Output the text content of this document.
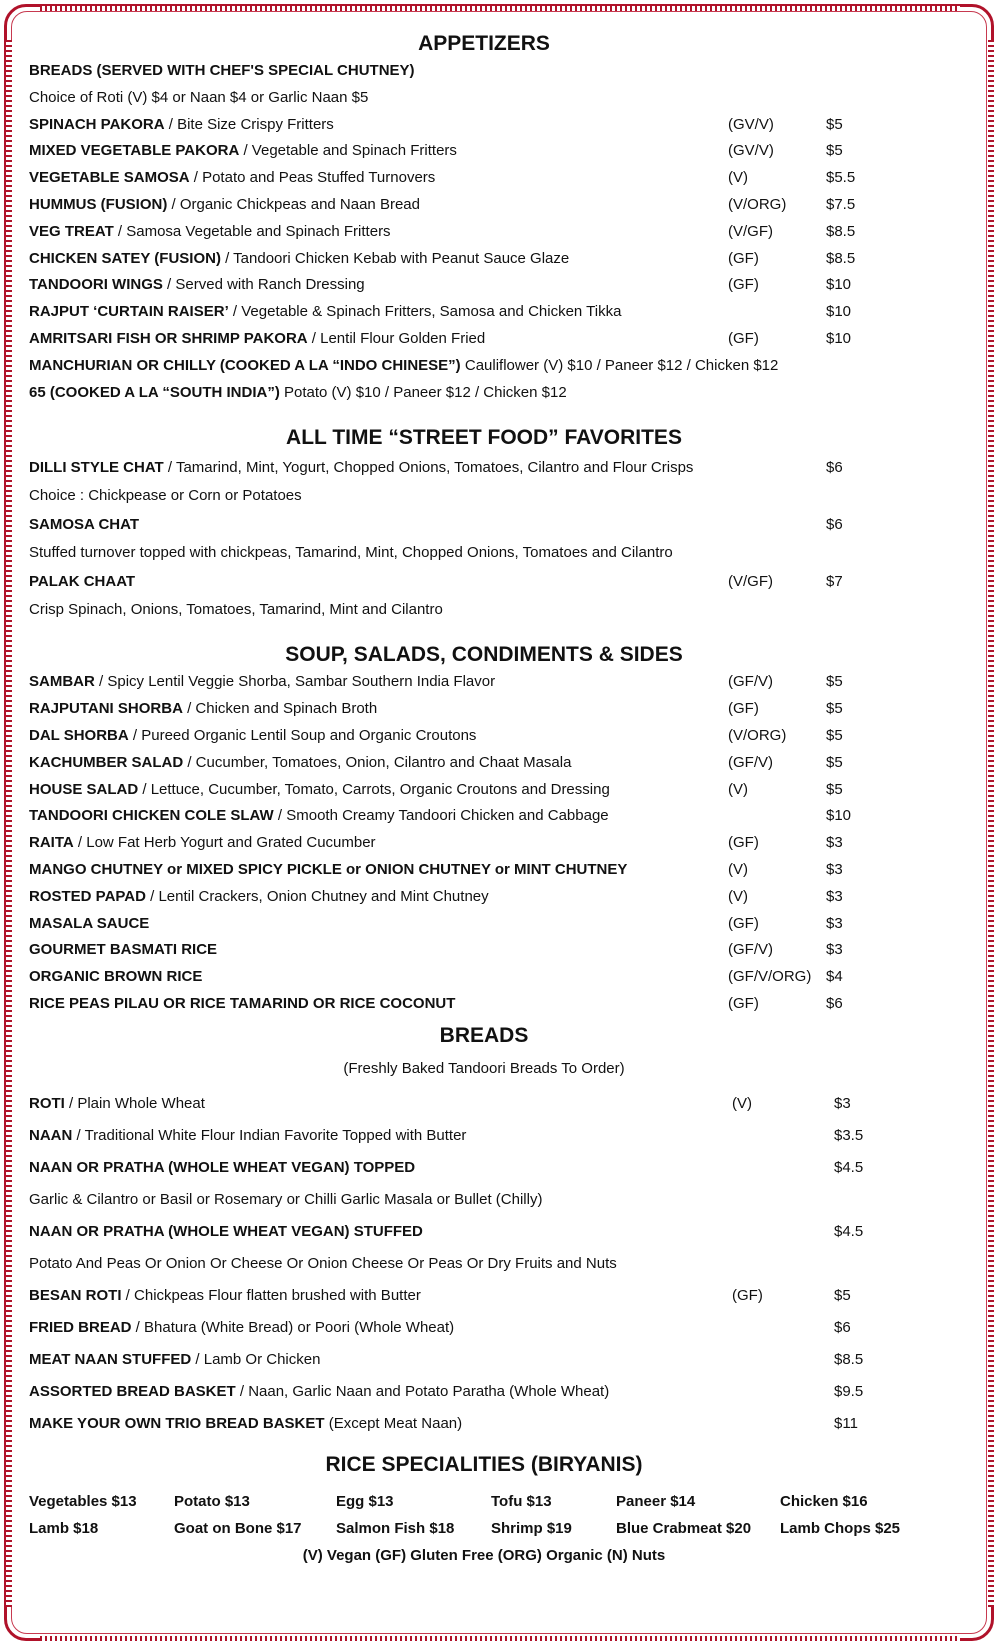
APPETIZERS
BREADS (SERVED WITH CHEF'S SPECIAL CHUTNEY)
Choice of Roti (V) $4 or Naan $4 or Garlic Naan $5
SPINACH PAKORA / Bite Size Crispy Fritters	(GV/V)	$5
MIXED VEGETABLE PAKORA / Vegetable and Spinach Fritters	(GV/V)	$5
VEGETABLE SAMOSA / Potato and Peas Stuffed Turnovers	(V)	$5.5
HUMMUS (FUSION) / Organic Chickpeas and Naan Bread	(V/ORG)	$7.5
VEG TREAT / Samosa Vegetable and Spinach Fritters	(V/GF)	$8.5
CHICKEN SATEY (FUSION) / Tandoori Chicken Kebab with Peanut Sauce Glaze	(GF)	$8.5
TANDOORI WINGS / Served with Ranch Dressing	(GF)	$10
RAJPUT ‘CURTAIN RAISER’ / Vegetable & Spinach Fritters, Samosa and Chicken Tikka	$10
AMRITSARI FISH OR SHRIMP PAKORA / Lentil Flour Golden Fried	(GF)	$10
MANCHURIAN OR CHILLY (COOKED A LA “INDO CHINESE”) Cauliflower (V) $10 / Paneer $12 / Chicken $12
65 (COOKED A LA “SOUTH INDIA”) Potato (V) $10 / Paneer $12 / Chicken $12
ALL TIME “STREET FOOD” FAVORITES
DILLI STYLE CHAT / Tamarind, Mint, Yogurt, Chopped Onions, Tomatoes, Cilantro and Flour Crisps	$6
Choice : Chickpease or Corn or Potatoes
SAMOSA CHAT	$6
Stuffed turnover topped with chickpeas, Tamarind, Mint, Chopped Onions, Tomatoes and Cilantro
PALAK CHAAT	(V/GF)	$7
Crisp Spinach, Onions, Tomatoes, Tamarind, Mint and Cilantro
SOUP, SALADS, CONDIMENTS & SIDES
SAMBAR / Spicy Lentil Veggie Shorba, Sambar Southern India Flavor	(GF/V)	$5
RAJPUTANI SHORBA / Chicken and Spinach Broth	(GF)	$5
DAL SHORBA / Pureed Organic Lentil Soup and Organic Croutons	(V/ORG)	$5
KACHUMBER SALAD / Cucumber, Tomatoes, Onion, Cilantro and Chaat Masala	(GF/V)	$5
HOUSE SALAD / Lettuce, Cucumber, Tomato, Carrots, Organic Croutons and Dressing	(V)	$5
TANDOORI CHICKEN COLE SLAW / Smooth Creamy Tandoori Chicken and Cabbage	$10
RAITA / Low Fat Herb Yogurt and Grated Cucumber	(GF)	$3
MANGO CHUTNEY or MIXED SPICY PICKLE or ONION CHUTNEY or MINT CHUTNEY	(V)	$3
ROSTED PAPAD / Lentil Crackers, Onion Chutney and Mint Chutney	(V)	$3
MASALA SAUCE	(GF)	$3
GOURMET BASMATI RICE	(GF/V)	$3
ORGANIC BROWN RICE	(GF/V/ORG) $4
RICE PEAS PILAU OR RICE TAMARIND OR RICE COCONUT	(GF)	$6
BREADS
(Freshly Baked Tandoori Breads To Order)
ROTI / Plain Whole Wheat	(V)	$3
NAAN / Traditional White Flour Indian Favorite Topped with Butter	$3.5
NAAN OR PRATHA (WHOLE WHEAT VEGAN) TOPPED	$4.5
Garlic & Cilantro or Basil or Rosemary or Chilli Garlic Masala or Bullet (Chilly)
NAAN OR PRATHA (WHOLE WHEAT VEGAN) STUFFED	$4.5
Potato And Peas Or Onion Or Cheese Or Onion Cheese Or Peas Or Dry Fruits and Nuts
BESAN ROTI / Chickpeas Flour flatten brushed with Butter	(GF)	$5
FRIED BREAD / Bhatura (White Bread) or Poori (Whole Wheat)	$6
MEAT NAAN STUFFED / Lamb Or Chicken	$8.5
ASSORTED BREAD BASKET / Naan, Garlic Naan and Potato Paratha (Whole Wheat)	$9.5
MAKE YOUR OWN TRIO BREAD BASKET (Except Meat Naan)	$11
RICE SPECIALITIES (BIRYANIS)
Vegetables $13	Potato $13	Egg $13	Tofu $13	Paneer $14	Chicken $16
Lamb $18	Goat on Bone $17	Salmon Fish $18	Shrimp $19	Blue Crabmeat $20	Lamb Chops $25
(V) Vegan (GF) Gluten Free (ORG) Organic (N) Nuts
